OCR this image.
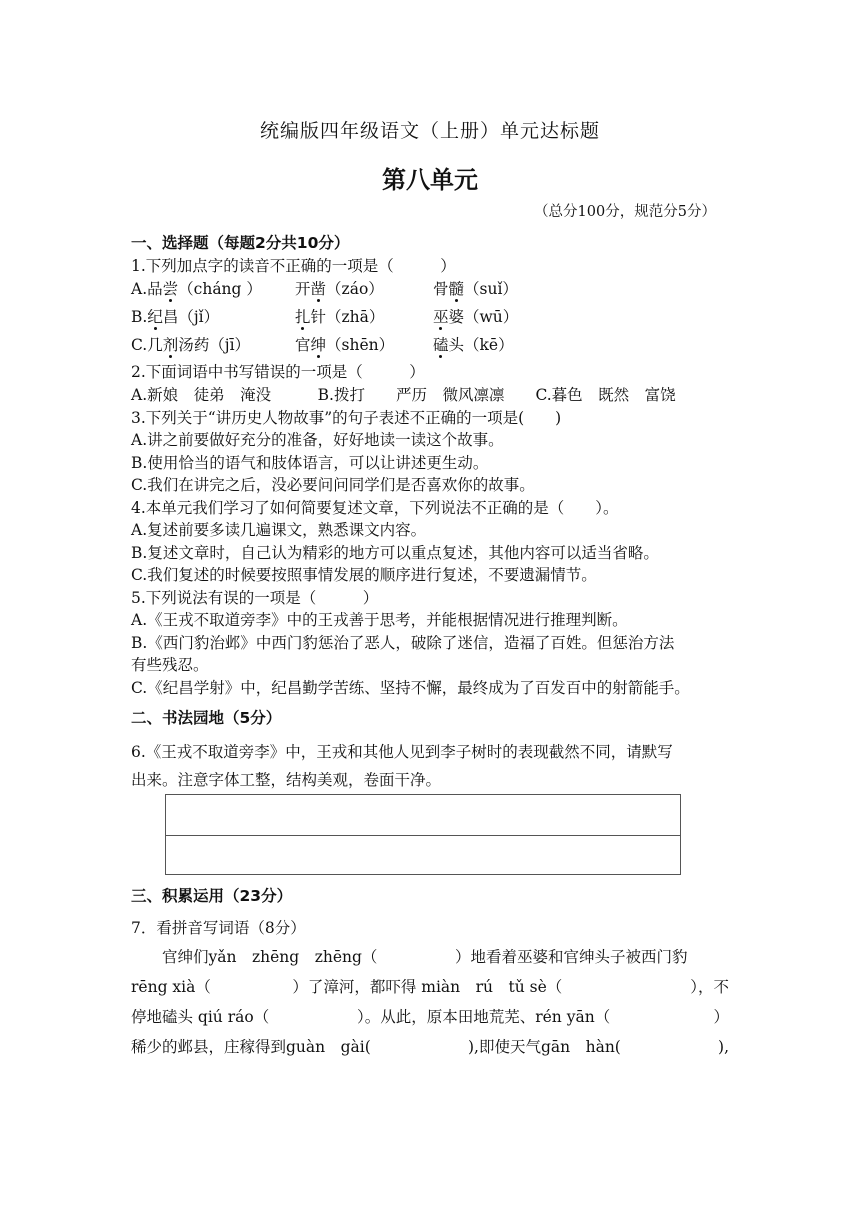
统编版四年级语文（上册）单元达标题
第八单元
（总分100分，规范分5分）
一、选择题（每题2分共10分）
1.下列加点字的读音不正确的一项是（　　　）
A.品尝（cháng ） 开凿（záo）	骨髓（suǐ）
B.纪昌（jǐ）	扎针（zhā）	巫婆（wū）
C.几剂汤药（jī）	官绅（shēn）	磕头（kē）
2.下面词语中书写错误的一项是（　　　）
A.新娘　徒弟　淹没　　　B.拨打　　严历　微风凛凛　　C.暮色　既然　富饶
3.下列关于“讲历史人物故事”的句子表述不正确的一项是(　　)
A.讲之前要做好充分的准备，好好地读一读这个故事。
B.使用恰当的语气和肢体语言，可以让讲述更生动。
C.我们在讲完之后，没必要问问同学们是否喜欢你的故事。
4.本单元我们学习了如何简要复述文章，下列说法不正确的是（　　）。
A.复述前要多读几遍课文，熟悉课文内容。
B.复述文章时，自己认为精彩的地方可以重点复述，其他内容可以适当省略。
C.我们复述的时候要按照事情发展的顺序进行复述，不要遗漏情节。
5.下列说法有误的一项是（　　　）
A.《王戎不取道旁李》中的王戎善于思考，并能根据情况进行推理判断。
B.《西门豹治邺》中西门豹惩治了恶人，破除了迷信，造福了百姓。但惩治方法
有些残忍。
C.《纪昌学射》中，纪昌勤学苦练、坚持不懈，最终成为了百发百中的射箭能手。
二、书法园地（5分）
6.《王戎不取道旁李》中，王戎和其他人见到李子树时的表现截然不同，请默写
出来。注意字体工整，结构美观，卷面干净。
三、积累运用（23分）
7．看拼音写词语（8分）
　　官绅们yǎn　zhēng　zhēng（　　　　　）地看着巫婆和官绅头子被西门豹
rēng xià（ 　　　　）了漳河，都吓得 miàn　rú　tǔ sè（ 　　　　　　　），不
停地磕头 qiú ráo（ 　　　　）。从此，原本田地荒芜、rén yān（ 　　　　　）
稀少的邺县，庄稼得到guàn　gài( 　　　　　),即使天气gān　hàn( 　　　　　),
